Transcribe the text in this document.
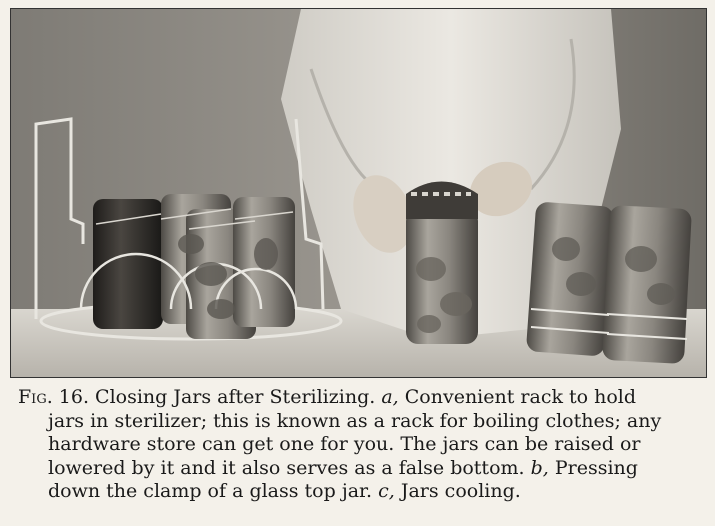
Fig. 16. Closing Jars after Sterilizing. a, Convenient rack to hold
jars in sterilizer; this is known as a rack for boiling clothes; any
hardware store can get one for you. The jars can be raised or
lowered by it and it also serves as a false bottom. b, Pressing
down the clamp of a glass top jar. c, Jars cooling.
